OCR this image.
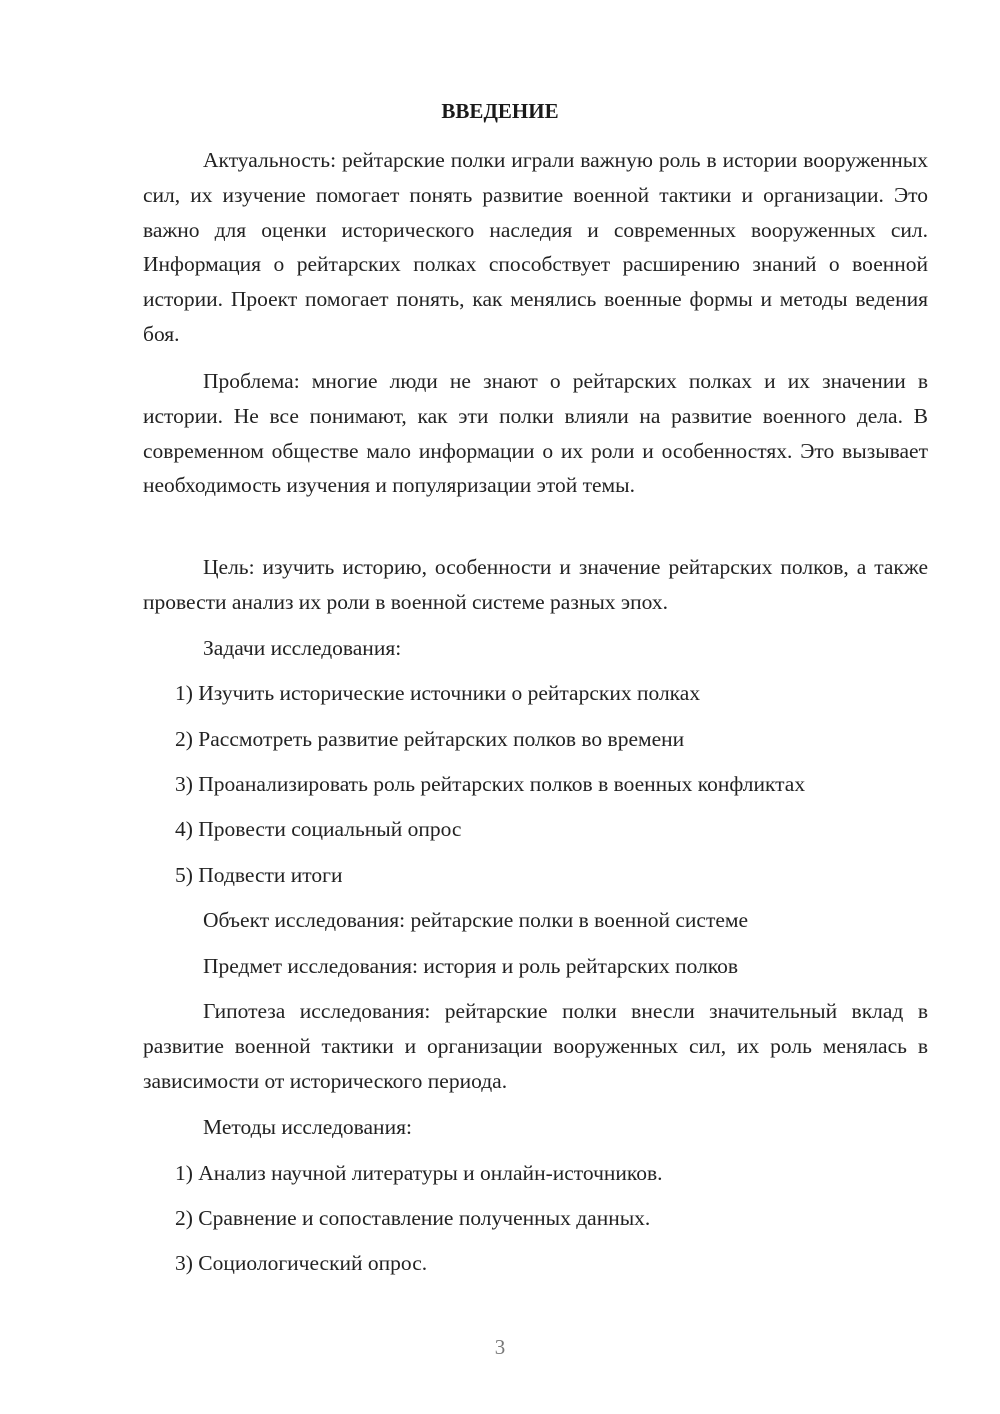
ВВЕДЕНИЕ

Актуальность: рейтарские полки играли важную роль в истории вооруженных сил, их изучение помогает понять развитие военной тактики и организации. Это важно для оценки исторического наследия и современных вооруженных сил. Информация о рейтарских полках способствует расширению знаний о военной истории. Проект помогает понять, как менялись военные формы и методы ведения боя.

Проблема: многие люди не знают о рейтарских полках и их значении в истории. Не все понимают, как эти полки влияли на развитие военного дела. В современном обществе мало информации о их роли и особенностях. Это вызывает необходимость изучения и популяризации этой темы.

Цель: изучить историю, особенности и значение рейтарских полков, а также провести анализ их роли в военной системе разных эпох.

Задачи исследования:

1) Изучить исторические источники о рейтарских полках

2) Рассмотреть развитие рейтарских полков во времени

3) Проанализировать роль рейтарских полков в военных конфликтах

4) Провести социальный опрос

5) Подвести итоги

Объект исследования: рейтарские полки в военной системе

Предмет исследования: история и роль рейтарских полков

Гипотеза исследования: рейтарские полки внесли значительный вклад в развитие военной тактики и организации вооруженных сил, их роль менялась в зависимости от исторического периода.

Методы исследования:

1) Анализ научной литературы и онлайн-источников.

2) Сравнение и сопоставление полученных данных.

3) Социологический опрос.

3
